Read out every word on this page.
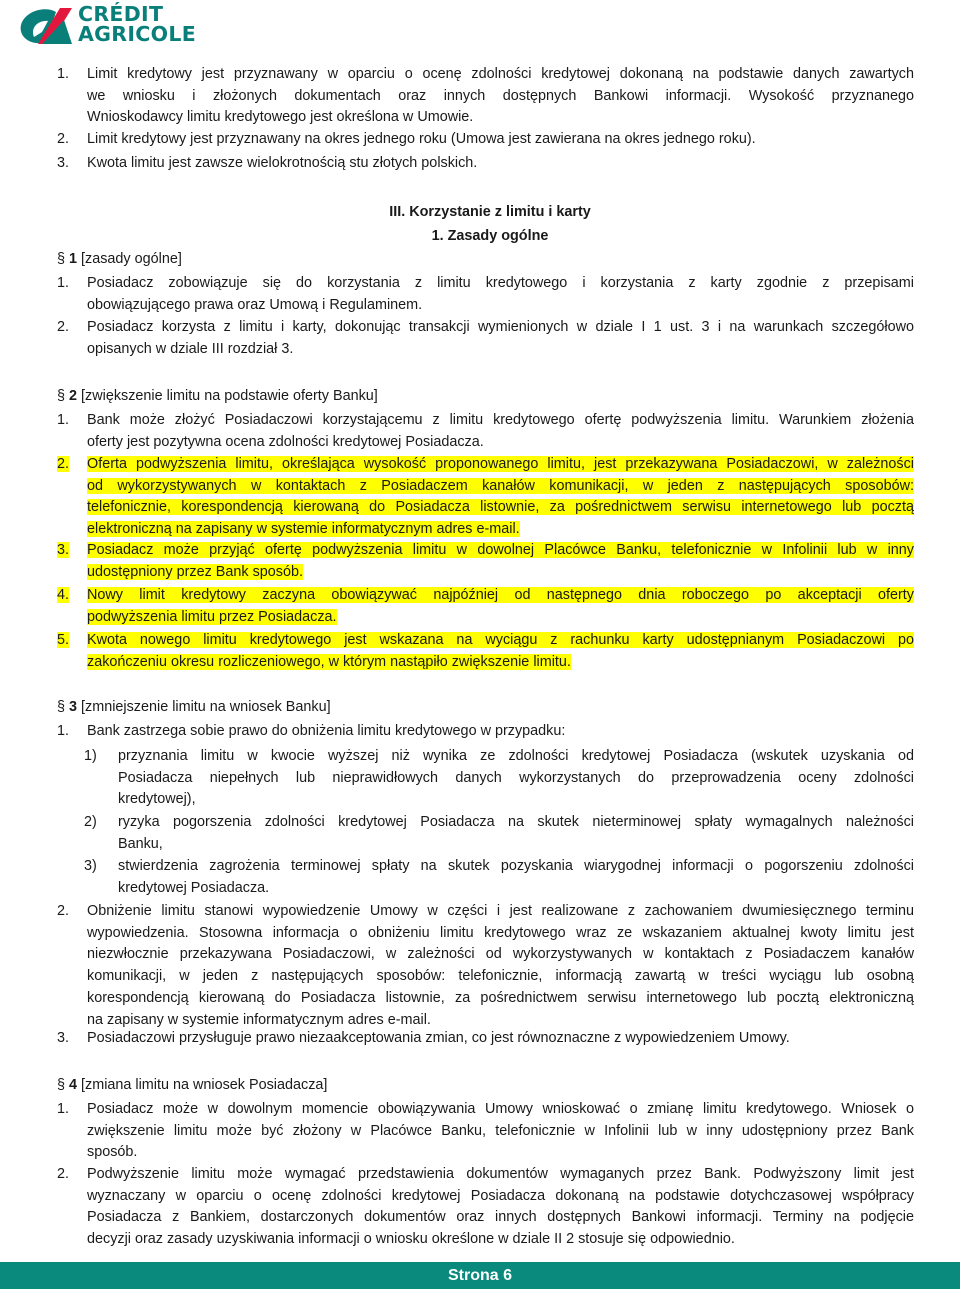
CRÉDIT
AGRICOLE
1.	Limit kredytowy jest przyznawany w oparciu o ocenę zdolności kredytowej dokonaną na podstawie danych zawartych
we wniosku i złożonych dokumentach oraz innych dostępnych Bankowi informacji. Wysokość przyznanego
Wnioskodawcy limitu kredytowego jest określona w Umowie.
2.	Limit kredytowy jest przyznawany na okres jednego roku (Umowa jest zawierana na okres jednego roku).
3.	Kwota limitu jest zawsze wielokrotnością stu złotych polskich.
III. Korzystanie z limitu i karty
1. Zasady ogólne
§ 1 [zasady ogólne]
1.	Posiadacz zobowiązuje się do korzystania z limitu kredytowego i korzystania z karty zgodnie z przepisami
obowiązującego prawa oraz Umową i Regulaminem.
2.	Posiadacz korzysta z limitu i karty, dokonując transakcji wymienionych w dziale I 1 ust. 3 i na warunkach szczegółowo
opisanych w dziale III rozdział 3.
§ 2 [zwiększenie limitu na podstawie oferty Banku]
1.	Bank może złożyć Posiadaczowi korzystającemu z limitu kredytowego ofertę podwyższenia limitu. Warunkiem złożenia
oferty jest pozytywna ocena zdolności kredytowej Posiadacza.
2.	Oferta podwyższenia limitu, określająca wysokość proponowanego limitu, jest przekazywana Posiadaczowi, w zależności
od wykorzystywanych w kontaktach z Posiadaczem kanałów komunikacji, w jeden z następujących sposobów:
telefonicznie, korespondencją kierowaną do Posiadacza listownie, za pośrednictwem serwisu internetowego lub pocztą
elektroniczną na zapisany w systemie informatycznym adres e-mail.
3.	Posiadacz może przyjąć ofertę podwyższenia limitu w dowolnej Placówce Banku, telefonicznie w Infolinii lub w inny
udostępniony przez Bank sposób.
4.	Nowy limit kredytowy zaczyna obowiązywać najpóźniej od następnego dnia roboczego po akceptacji oferty
podwyższenia limitu przez Posiadacza.
5.	Kwota nowego limitu kredytowego jest wskazana na wyciągu z rachunku karty udostępnianym Posiadaczowi po
zakończeniu okresu rozliczeniowego, w którym nastąpiło zwiększenie limitu.
§ 3 [zmniejszenie limitu na wniosek Banku]
1.	Bank zastrzega sobie prawo do obniżenia limitu kredytowego w przypadku:
1) przyznania limitu w kwocie wyższej niż wynika ze zdolności kredytowej Posiadacza (wskutek uzyskania od
Posiadacza niepełnych lub nieprawidłowych danych wykorzystanych do przeprowadzenia oceny zdolności
kredytowej),
2) ryzyka pogorszenia zdolności kredytowej Posiadacza na skutek nieterminowej spłaty wymagalnych należności
Banku,
3) stwierdzenia zagrożenia terminowej spłaty na skutek pozyskania wiarygodnej informacji o pogorszeniu zdolności
kredytowej Posiadacza.
2.	Obniżenie limitu stanowi wypowiedzenie Umowy w części i jest realizowane z zachowaniem dwumiesięcznego terminu
wypowiedzenia. Stosowna informacja o obniżeniu limitu kredytowego wraz ze wskazaniem aktualnej kwoty limitu jest
niezwłocznie przekazywana Posiadaczowi, w zależności od wykorzystywanych w kontaktach z Posiadaczem kanałów
komunikacji, w jeden z następujących sposobów: telefonicznie, informacją zawartą w treści wyciągu lub osobną
korespondencją kierowaną do Posiadacza listownie, za pośrednictwem serwisu internetowego lub pocztą elektroniczną
na zapisany w systemie informatycznym adres e-mail.
3.	Posiadaczowi przysługuje prawo niezaakceptowania zmian, co jest równoznaczne z wypowiedzeniem Umowy.
§ 4 [zmiana limitu na wniosek Posiadacza]
1.	Posiadacz może w dowolnym momencie obowiązywania Umowy wnioskować o zmianę limitu kredytowego. Wniosek o
zwiększenie limitu może być złożony w Placówce Banku, telefonicznie w Infolinii lub w inny udostępniony przez Bank
sposób.
2.	Podwyższenie limitu może wymagać przedstawienia dokumentów wymaganych przez Bank. Podwyższony limit jest
wyznaczany w oparciu o ocenę zdolności kredytowej Posiadacza dokonaną na podstawie dotychczasowej współpracy
Posiadacza z Bankiem, dostarczonych dokumentów oraz innych dostępnych Bankowi informacji. Terminy na podjęcie
decyzji oraz zasady uzyskiwania informacji o wniosku określone w dziale II 2 stosuje się odpowiednio.
Strona 6
